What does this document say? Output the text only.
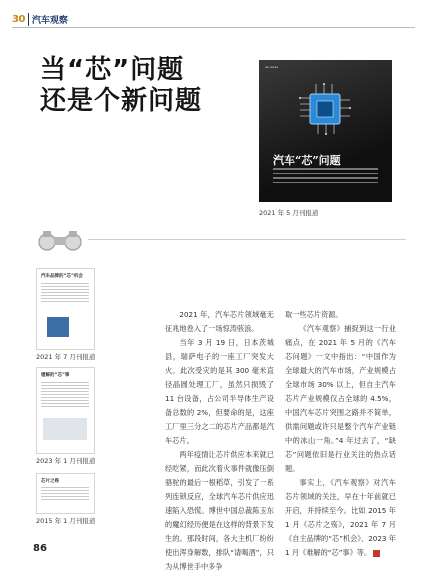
30 汽车观察
当“芯”问题
还是个新问题
▪▪ ▪▪▪▪
汽车“芯”问题
2021 年 5 月刊报道
汽车品牌的“芯”机会
2021 年 7 月刊报道
缓解的“芯”事
2023 年 1 月刊报道
芯片之殇
2015 年 1 月刊报道

2021 年，汽车芯片领域毫无征兆地卷入了一场惊涛骇浪。

当年 3 月 19 日，日本茨城县，瑞萨电子的一座工厂突发大火。此次受灾的是其 300 毫米直径晶圆处理工厂，虽然只损毁了 11 台设备，占公司半导体生产设备总数的 2%，但要命的是，这座工厂里三分之二的芯片产品都是汽车芯片。

两年疫情让芯片供应本来就已经吃紧，而此次着火事件就像压倒骆驼的最后一根稻草，引发了一系列连锁反应，全球汽车芯片供应迅速陷入恐慌。博世中国总裁陈玉东的魔幻经历便是在这样的背景下发生的。那段时间，各大主机厂纷纷使出浑身解数，排队“请喝酒”，只为从博世手中多争

取一些芯片资源。

《汽车观察》捕捉到这一行业痛点，在 2021 年 5 月的《汽车芯问题》一文中指出：“中国作为全球最大的汽车市场，产业规模占全球市场 30% 以上，但自主汽车芯片产业规模仅占全球的 4.5%，中国汽车芯片突围之路并不简单，供需问题或许只是整个汽车产业链中的冰山一角。”4 年过去了，“缺芯”问题依旧是行业关注的热点话题。

事实上，《汽车观察》对汽车芯片领域的关注，早在十年前就已开启，并持续至今。比如 2015 年 1 月《芯片之殇》，2021 年 7 月《自主品牌的“芯”机会》、2023 年 1 月《难解的“芯”事》等。

86
